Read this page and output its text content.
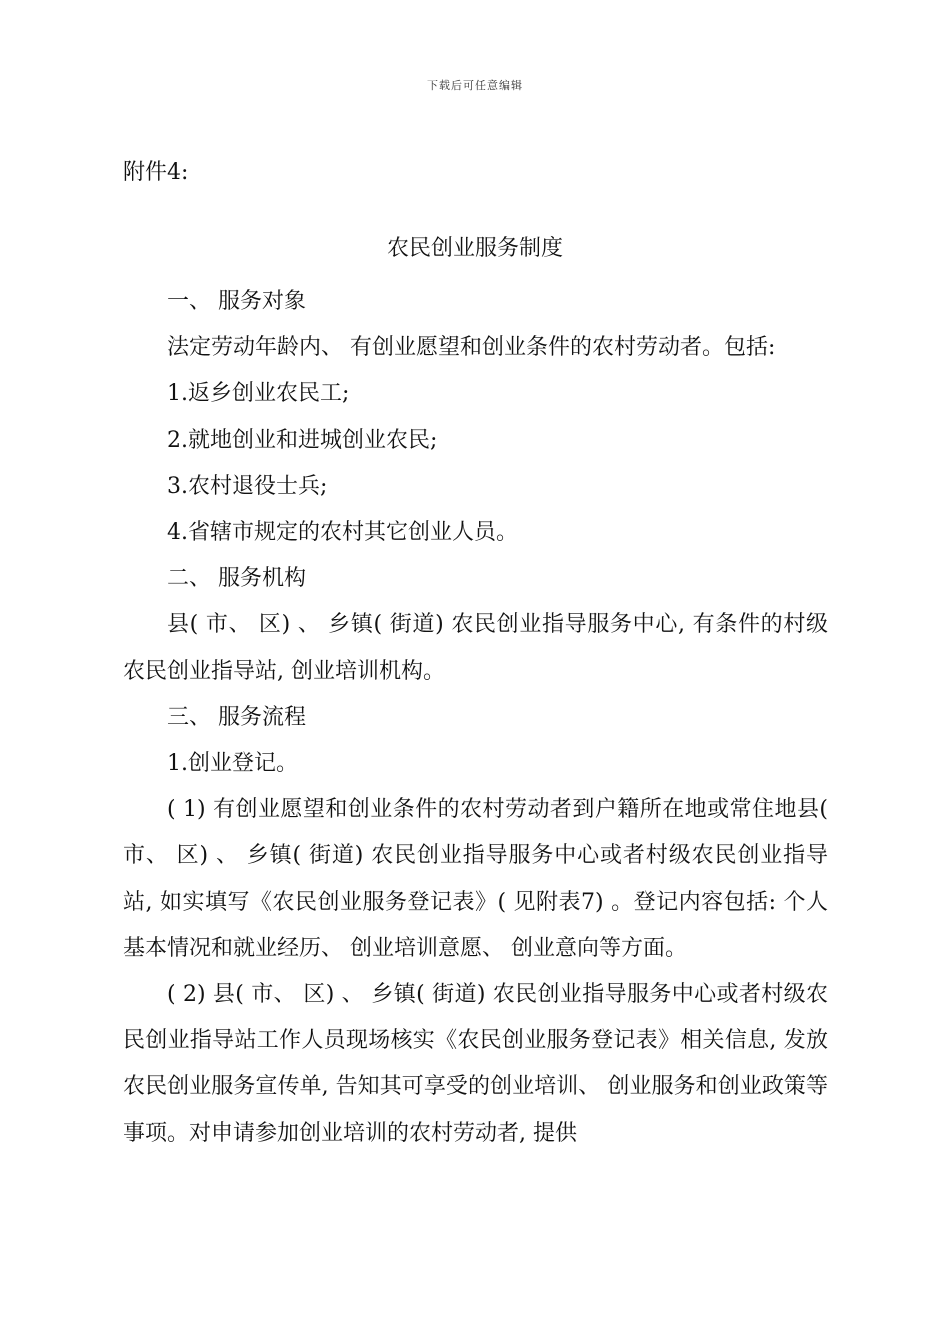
下载后可任意编辑
附件4:
农民创业服务制度

一、 服务对象

法定劳动年龄内、 有创业愿望和创业条件的农村劳动者。包括:

1.返乡创业农民工;

2.就地创业和进城创业农民;

3.农村退役士兵;

4.省辖市规定的农村其它创业人员。

二、 服务机构

县( 市、 区) 、 乡镇( 街道) 农民创业指导服务中心, 有条件的村级农民创业指导站, 创业培训机构。

三、 服务流程

1.创业登记。

( 1) 有创业愿望和创业条件的农村劳动者到户籍所在地或常住地县( 市、 区) 、 乡镇( 街道) 农民创业指导服务中心或者村级农民创业指导站, 如实填写《农民创业服务登记表》( 见附表7) 。登记内容包括: 个人基本情况和就业经历、 创业培训意愿、 创业意向等方面。

( 2) 县( 市、 区) 、 乡镇( 街道) 农民创业指导服务中心或者村级农民创业指导站工作人员现场核实《农民创业服务登记表》相关信息, 发放农民创业服务宣传单, 告知其可享受的创业培训、 创业服务和创业政策等事项。对申请参加创业培训的农村劳动者, 提供
